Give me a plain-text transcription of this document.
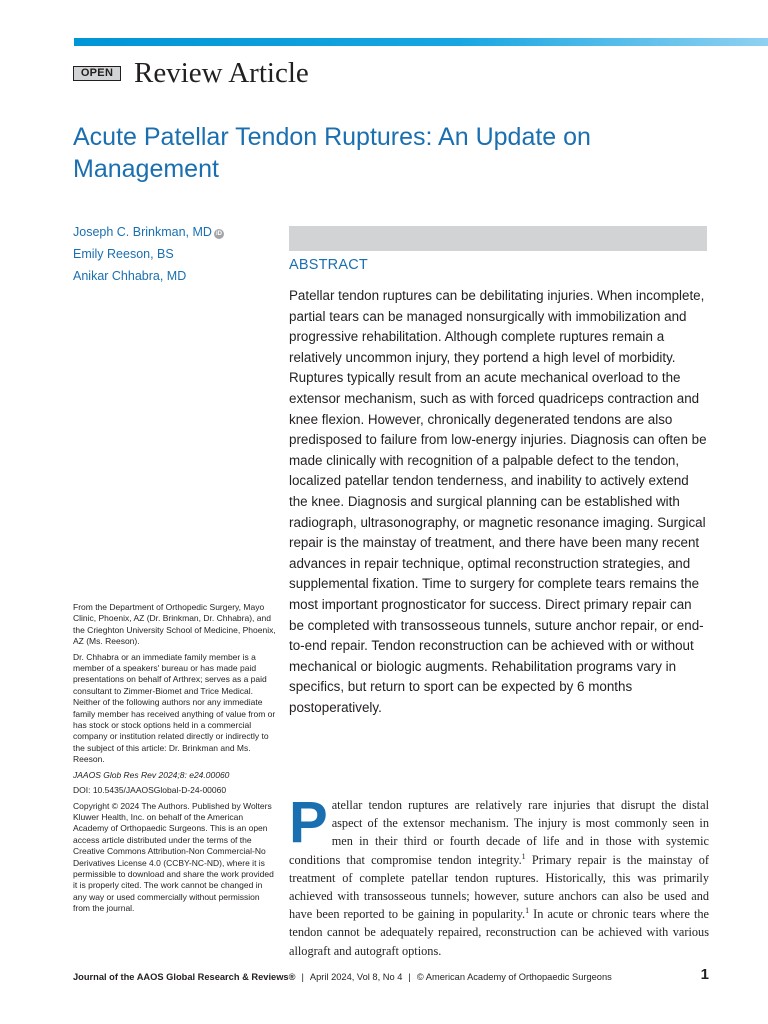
OPEN Review Article
Acute Patellar Tendon Ruptures: An Update on Management
Joseph C. Brinkman, MD iD
Emily Reeson, BS
Anikar Chhabra, MD
ABSTRACT

Patellar tendon ruptures can be debilitating injuries. When incomplete, partial tears can be managed nonsurgically with immobilization and progressive rehabilitation. Although complete ruptures remain a relatively uncommon injury, they portend a high level of morbidity. Ruptures typically result from an acute mechanical overload to the extensor mechanism, such as with forced quadriceps contraction and knee flexion. However, chronically degenerated tendons are also predisposed to failure from low-energy injuries. Diagnosis can often be made clinically with recognition of a palpable defect to the tendon, localized patellar tendon tenderness, and inability to actively extend the knee. Diagnosis and surgical planning can be established with radiograph, ultrasonography, or magnetic resonance imaging. Surgical repair is the mainstay of treatment, and there have been many recent advances in repair technique, optimal reconstruction strategies, and supplemental fixation. Time to surgery for complete tears remains the most important prognosticator for success. Direct primary repair can be completed with transosseous tunnels, suture anchor repair, or end-to-end repair. Tendon reconstruction can be achieved with or without mechanical or biologic augments. Rehabilitation programs vary in specifics, but return to sport can be expected by 6 months postoperatively.

From the Department of Orthopedic Surgery, Mayo Clinic, Phoenix, AZ (Dr. Brinkman, Dr. Chhabra), and the Crieghton University School of Medicine, Phoenix, AZ (Ms. Reeson).

Dr. Chhabra or an immediate family member is a member of a speakers' bureau or has made paid presentations on behalf of Arthrex; serves as a paid consultant to Zimmer-Biomet and Trice Medical. Neither of the following authors nor any immediate family member has received anything of value from or has stock or stock options held in a commercial company or institution related directly or indirectly to the subject of this article: Dr. Brinkman and Ms. Reeson.

JAAOS Glob Res Rev 2024;8: e24.00060

DOI: 10.5435/JAAOSGlobal-D-24-00060

Copyright © 2024 The Authors. Published by Wolters Kluwer Health, Inc. on behalf of the American Academy of Orthopaedic Surgeons. This is an open access article distributed under the terms of the Creative Commons Attribution-Non Commercial-No Derivatives License 4.0 (CCBY-NC-ND), where it is permissible to download and share the work provided it is properly cited. The work cannot be changed in any way or used commercially without permission from the journal.

Patellar tendon ruptures are relatively rare injuries that disrupt the distal aspect of the extensor mechanism. The injury is most commonly seen in men in their third or fourth decade of life and in those with systemic conditions that compromise tendon integrity.$^1$ Primary repair is the mainstay of treatment of complete patellar tendon ruptures. Historically, this was primarily achieved with transosseous tunnels; however, suture anchors can also be used and have been reported to be gaining in popularity.$^1$ In acute or chronic tears where the tendon cannot be adequately repaired, reconstruction can be achieved with various allograft and autograft options.

Journal of the AAOS Global Research & Reviews® | April 2024, Vol 8, No 4 | © American Academy of Orthopaedic Surgeons	1
